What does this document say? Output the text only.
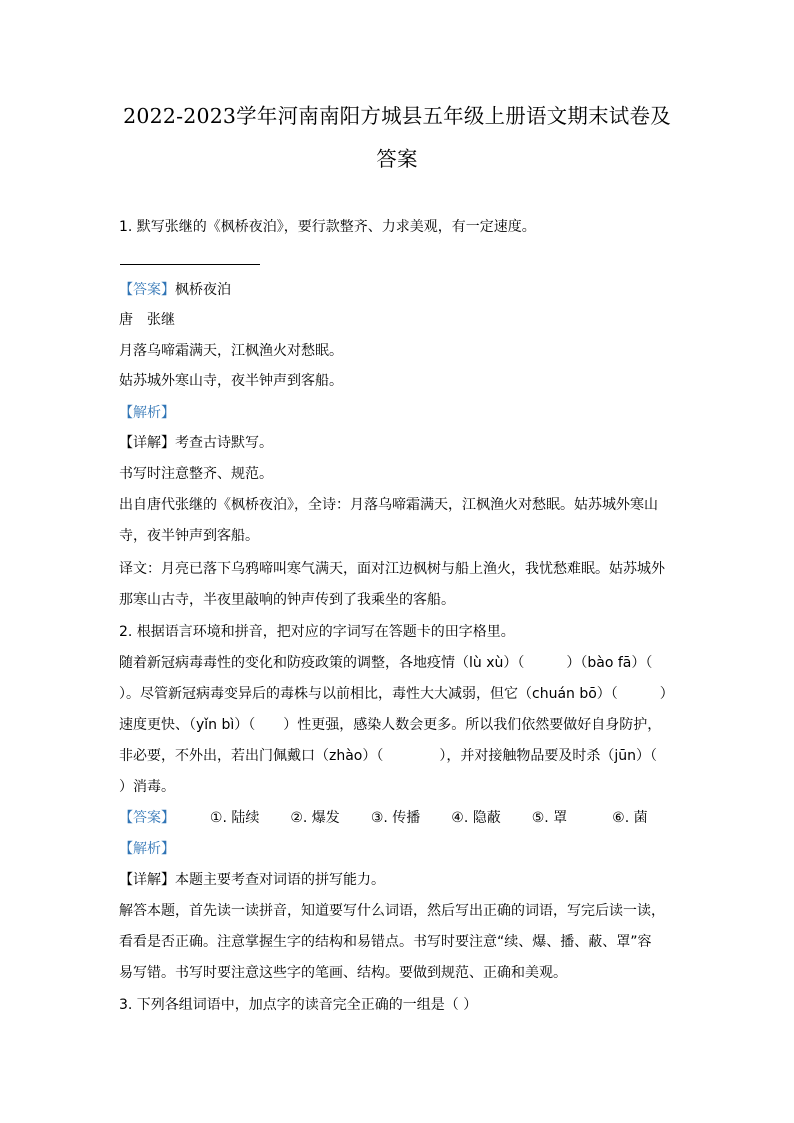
2022-2023学年河南南阳方城县五年级上册语文期末试卷及
答案
1. 默写张继的《枫桥夜泊》，要行款整齐、力求美观，有一定速度。
【答案】枫桥夜泊
唐　张继
月落乌啼霜满天，江枫渔火对愁眠。
姑苏城外寒山寺，夜半钟声到客船。
【解析】
【详解】考查古诗默写。
书写时注意整齐、规范。
出自唐代张继的《枫桥夜泊》，全诗：月落乌啼霜满天，江枫渔火对愁眠。姑苏城外寒山
寺，夜半钟声到客船。
译文：月亮已落下乌鸦啼叫寒气满天，面对江边枫树与船上渔火，我忧愁难眠。姑苏城外
那寒山古寺，半夜里敲响的钟声传到了我乘坐的客船。
2. 根据语言环境和拼音，把对应的字词写在答题卡的田字格里。
随着新冠病毒毒性的变化和防疫政策的调整，各地疫情（lù xù）（　　　）（bào fā）（
）。尽管新冠病毒变异后的毒株与以前相比，毒性大大减弱，但它（chuán bō）（　　　）
速度更快、（yǐn bì）（　　）性更强，感染人数会更多。所以我们依然要做好自身防护，
非必要，不外出，若出门佩戴口（zhào）（　　　　），并对接触物品要及时杀（jūn）（
）消毒。
【答案】 ①. 陆续 ②. 爆发 ③. 传播 ④. 隐蔽 ⑤. 罩	⑥. 菌
【解析】
【详解】本题主要考查对词语的拼写能力。
解答本题，首先读一读拼音，知道要写什么词语，然后写出正确的词语，写完后读一读，
看看是否正确。注意掌握生字的结构和易错点。书写时要注意“续、爆、播、蔽、罩”容
易写错。书写时要注意这些字的笔画、结构。要做到规范、正确和美观。
3. 下列各组词语中，加点字的读音完全正确的一组是（ ）
